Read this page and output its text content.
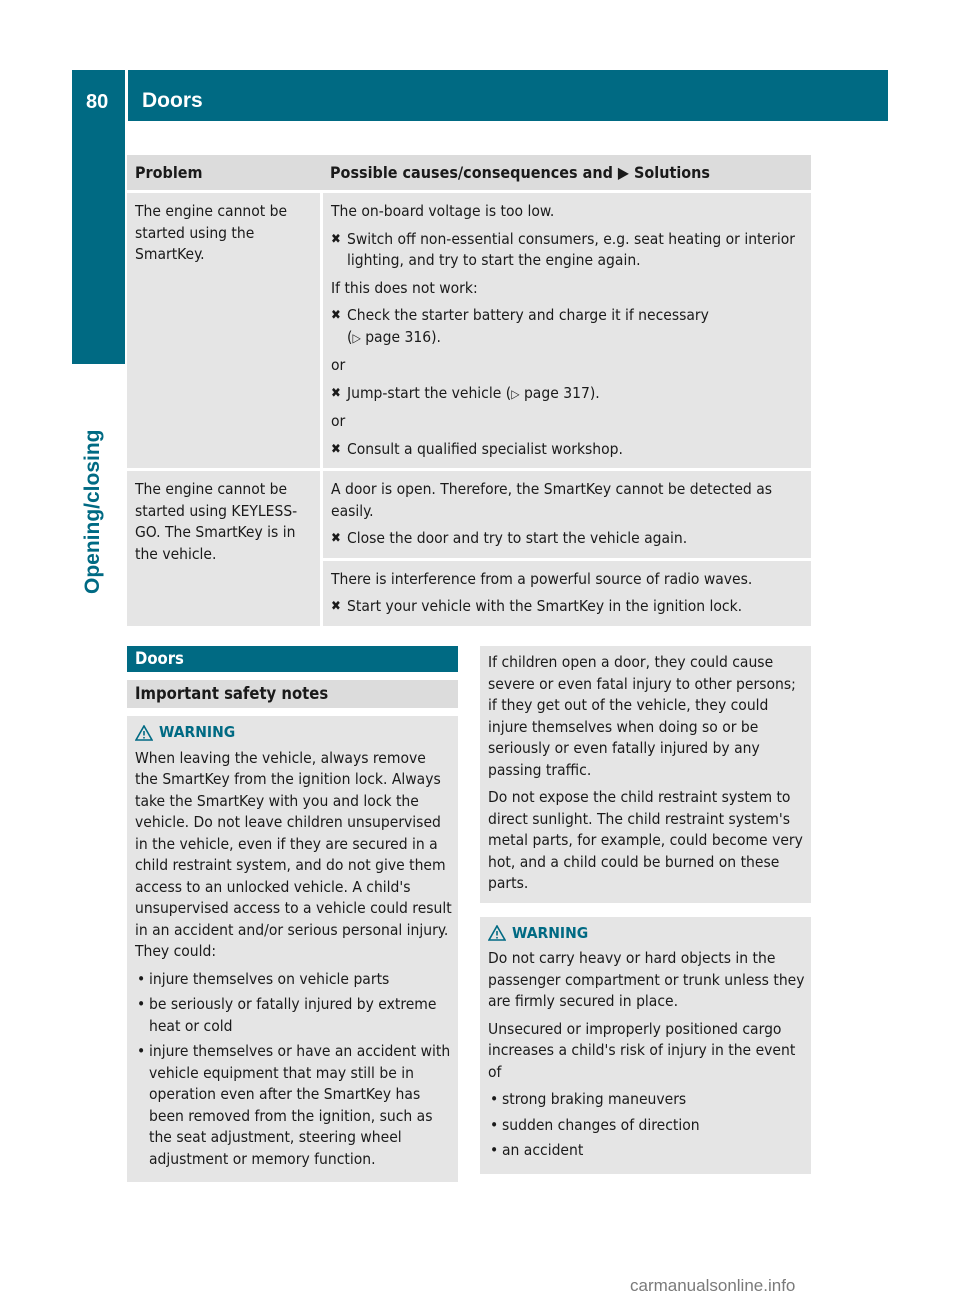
80 Doors
Opening/closing
Problem	Possible causes/consequences and ▶ Solutions
The engine cannot be started using the SmartKey.

The on-board voltage is too low.

✖ Switch off non-essential consumers, e.g. seat heating or interior lighting, and try to start the engine again.

If this does not work:

✖ Check the starter battery and charge it if necessary
(▷ page 316).

or

✖ Jump-start the vehicle (▷ page 317).

or

✖ Consult a qualified specialist workshop.
The engine cannot be started using KEYLESS-GO. The SmartKey is in the vehicle.

A door is open. Therefore, the SmartKey cannot be detected as easily.

✖ Close the door and try to start the vehicle again.

There is interference from a powerful source of radio waves.

✖ Start your vehicle with the SmartKey in the ignition lock.
Doors
Important safety notes
WARNING

When leaving the vehicle, always remove the SmartKey from the ignition lock. Always take the SmartKey with you and lock the vehicle. Do not leave children unsupervised in the vehicle, even if they are secured in a child restraint system, and do not give them access to an unlocked vehicle. A child's unsupervised access to a vehicle could result in an accident and/or serious personal injury. They could:

• injure themselves on vehicle parts
• be seriously or fatally injured by extreme heat or cold
• injure themselves or have an accident with vehicle equipment that may still be in operation even after the SmartKey has been removed from the ignition, such as the seat adjustment, steering wheel adjustment or memory function.

If children open a door, they could cause severe or even fatal injury to other persons; if they get out of the vehicle, they could injure themselves when doing so or be seriously or even fatally injured by any passing traffic.

Do not expose the child restraint system to direct sunlight. The child restraint system's metal parts, for example, could become very hot, and a child could be burned on these parts.

WARNING

Do not carry heavy or hard objects in the passenger compartment or trunk unless they are firmly secured in place.

Unsecured or improperly positioned cargo increases a child's risk of injury in the event of

• strong braking maneuvers
• sudden changes of direction
• an accident
carmanualsonline.info
